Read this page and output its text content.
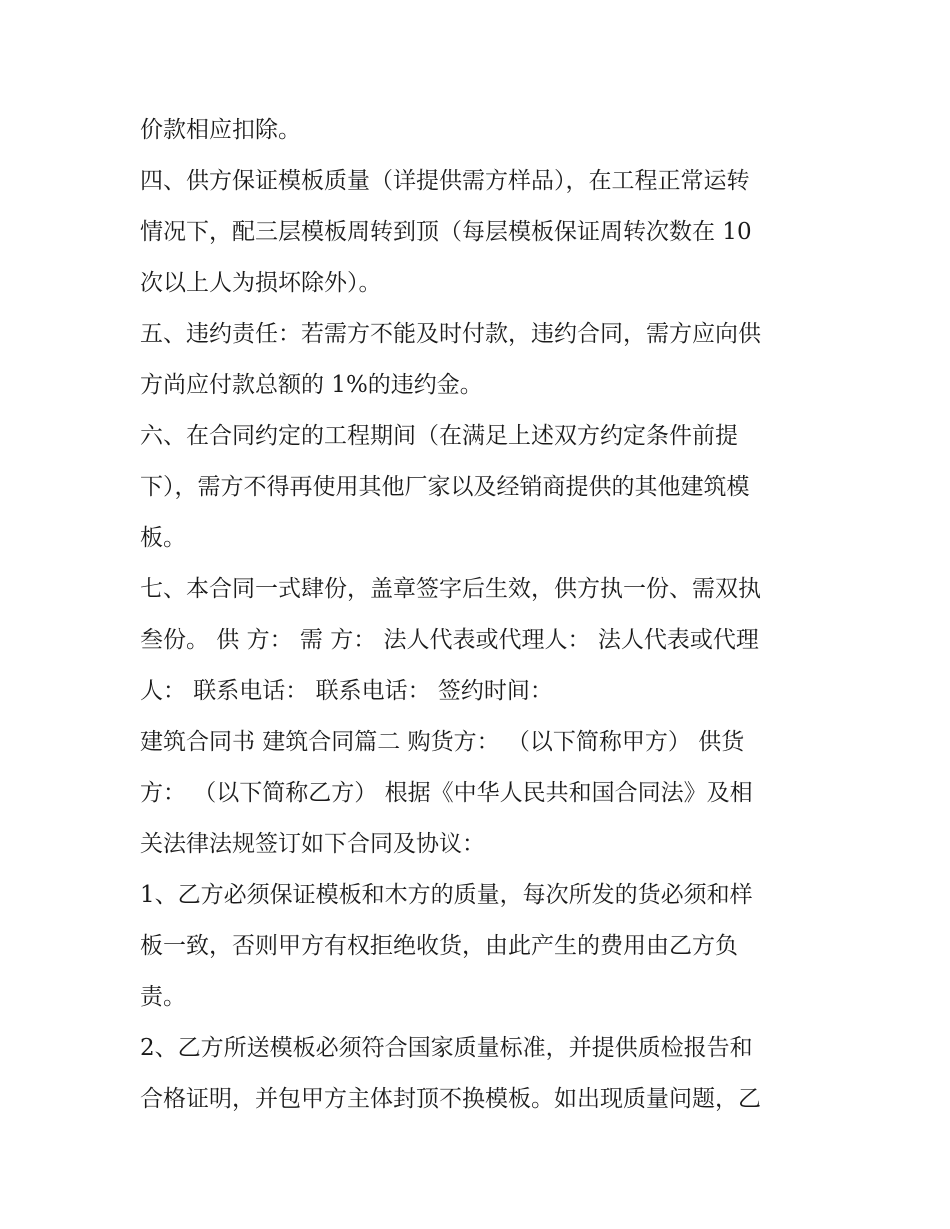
价款相应扣除。
四、供方保证模板质量（详提供需方样品），在工程正常运转
情况下，配三层模板周转到顶（每层模板保证周转次数在 10
次以上人为损坏除外）。
五、违约责任：若需方不能及时付款，违约合同，需方应向供
方尚应付款总额的 1%的违约金。
六、在合同约定的工程期间（在满足上述双方约定条件前提
下），需方不得再使用其他厂家以及经销商提供的其他建筑模
板。
七、本合同一式肆份，盖章签字后生效，供方执一份、需双执
叁份。 供 方： 需 方： 法人代表或代理人： 法人代表或代理
人： 联系电话： 联系电话： 签约时间：
建筑合同书 建筑合同篇二 购货方： （以下简称甲方） 供货
方： （以下简称乙方） 根据《中华人民共和国合同法》及相
关法律法规签订如下合同及协议：
1、乙方必须保证模板和木方的质量，每次所发的货必须和样
板一致，否则甲方有权拒绝收货，由此产生的费用由乙方负
责。
2、乙方所送模板必须符合国家质量标准，并提供质检报告和
合格证明，并包甲方主体封顶不换模板。如出现质量问题，乙
